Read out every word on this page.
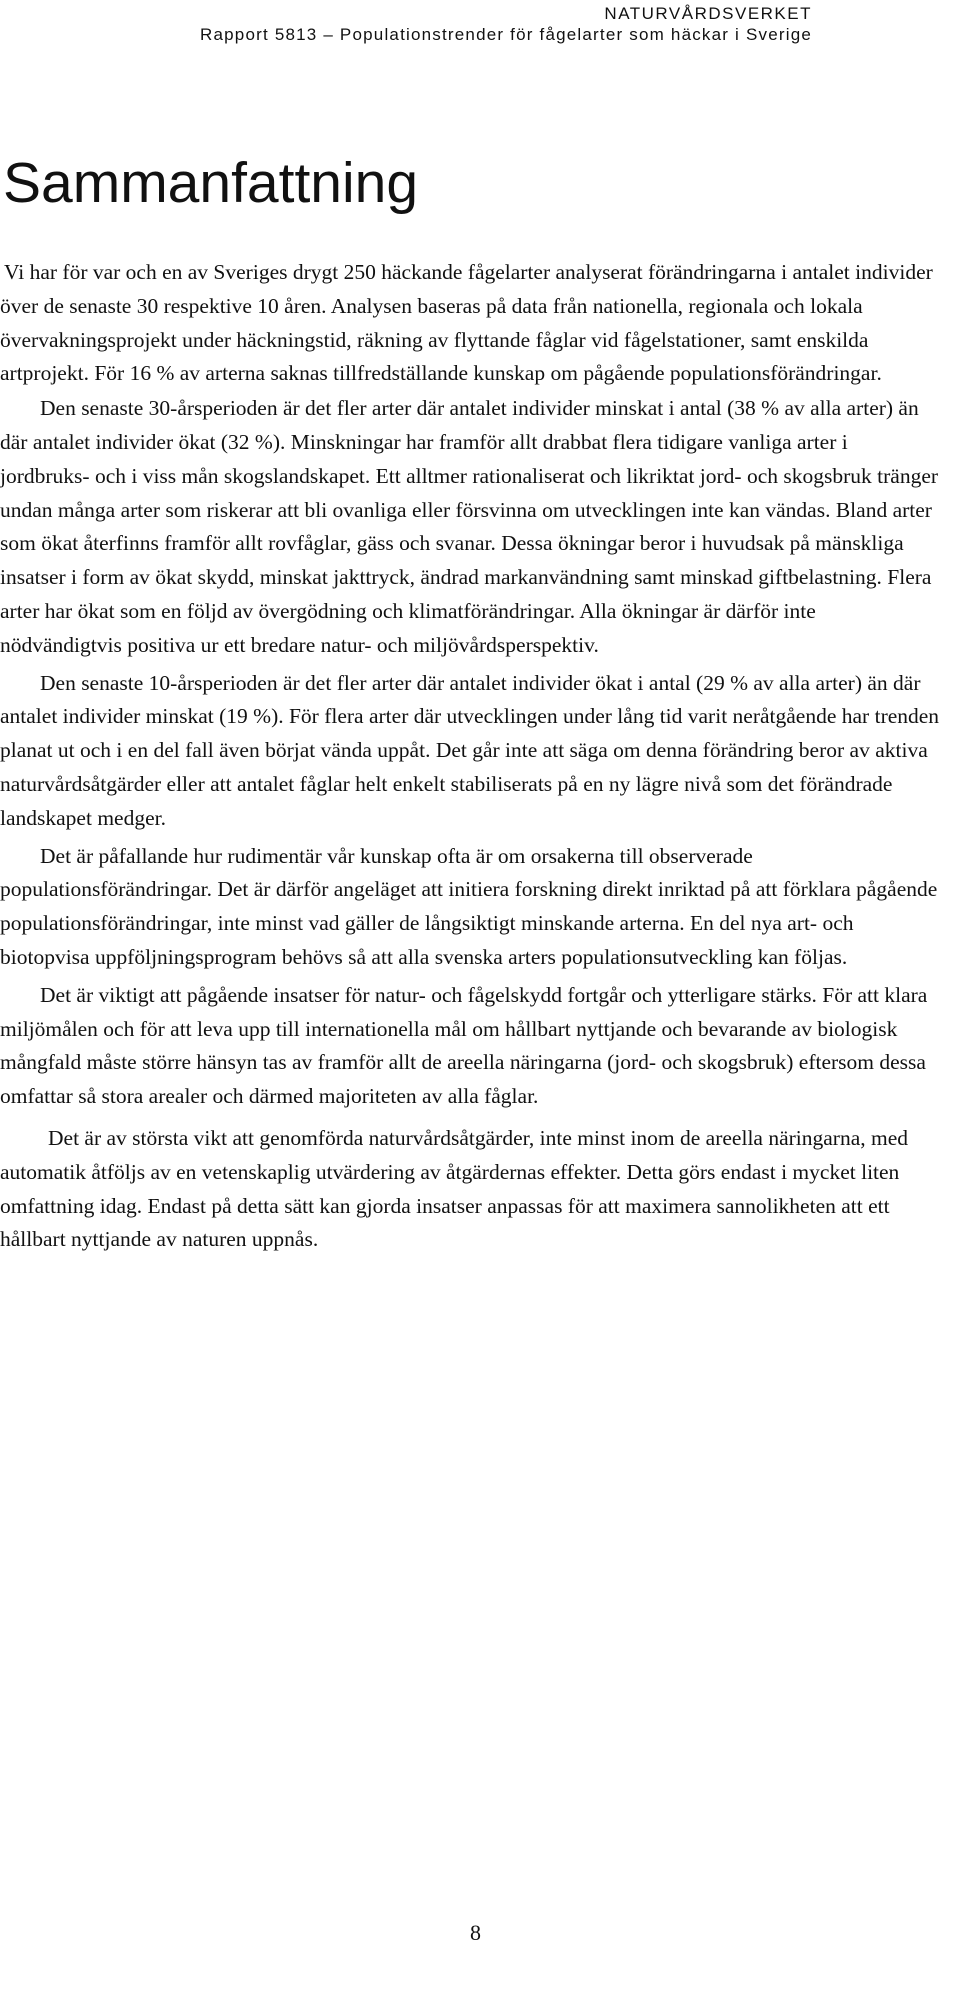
NATURVÅRDSVERKET
Rapport 5813 – Populationstrender för fågelarter som häckar i Sverige
Sammanfattning

Vi har för var och en av Sveriges drygt 250 häckande fågelarter analyserat förändringarna i antalet individer över de senaste 30 respektive 10 åren. Analysen baseras på data från nationella, regionala och lokala övervakningsprojekt under häckningstid, räkning av flyttande fåglar vid fågelstationer, samt enskilda artprojekt. För 16 % av arterna saknas tillfredställande kunskap om pågående populationsförändringar.

Den senaste 30-årsperioden är det fler arter där antalet individer minskat i antal (38 % av alla arter) än där antalet individer ökat (32 %). Minskningar har framför allt drabbat flera tidigare vanliga arter i jordbruks- och i viss mån skogslandskapet. Ett alltmer rationaliserat och likriktat jord- och skogsbruk tränger undan många arter som riskerar att bli ovanliga eller försvinna om utvecklingen inte kan vändas. Bland arter som ökat återfinns framför allt rovfåglar, gäss och svanar. Dessa ökningar beror i huvudsak på mänskliga insatser i form av ökat skydd, minskat jakttryck, ändrad markanvändning samt minskad giftbelastning. Flera arter har ökat som en följd av övergödning och klimatförändringar. Alla ökningar är därför inte nödvändigtvis positiva ur ett bredare natur- och miljövårdsperspektiv.

Den senaste 10-årsperioden är det fler arter där antalet individer ökat i antal (29 % av alla arter) än där antalet individer minskat (19 %). För flera arter där utvecklingen under lång tid varit neråtgående har trenden planat ut och i en del fall även börjat vända uppåt. Det går inte att säga om denna förändring beror av aktiva naturvårdsåtgärder eller att antalet fåglar helt enkelt stabiliserats på en ny lägre nivå som det förändrade landskapet medger.

Det är påfallande hur rudimentär vår kunskap ofta är om orsakerna till observerade populationsförändringar. Det är därför angeläget att initiera forskning direkt inriktad på att förklara pågående populationsförändringar, inte minst vad gäller de långsiktigt minskande arterna. En del nya art- och biotopvisa uppföljningsprogram behövs så att alla svenska arters populationsutveckling kan följas.

Det är viktigt att pågående insatser för natur- och fågelskydd fortgår och ytterligare stärks. För att klara miljömålen och för att leva upp till internationella mål om hållbart nyttjande och bevarande av biologisk mångfald måste större hänsyn tas av framför allt de areella näringarna (jord- och skogsbruk) eftersom dessa omfattar så stora arealer och därmed majoriteten av alla fåglar.

Det är av största vikt att genomförda naturvårdsåtgärder, inte minst inom de areella näringarna, med automatik åtföljs av en vetenskaplig utvärdering av åtgärdernas effekter. Detta görs endast i mycket liten omfattning idag. Endast på detta sätt kan gjorda insatser anpassas för att maximera sannolikheten att ett hållbart nyttjande av naturen uppnås.

8
